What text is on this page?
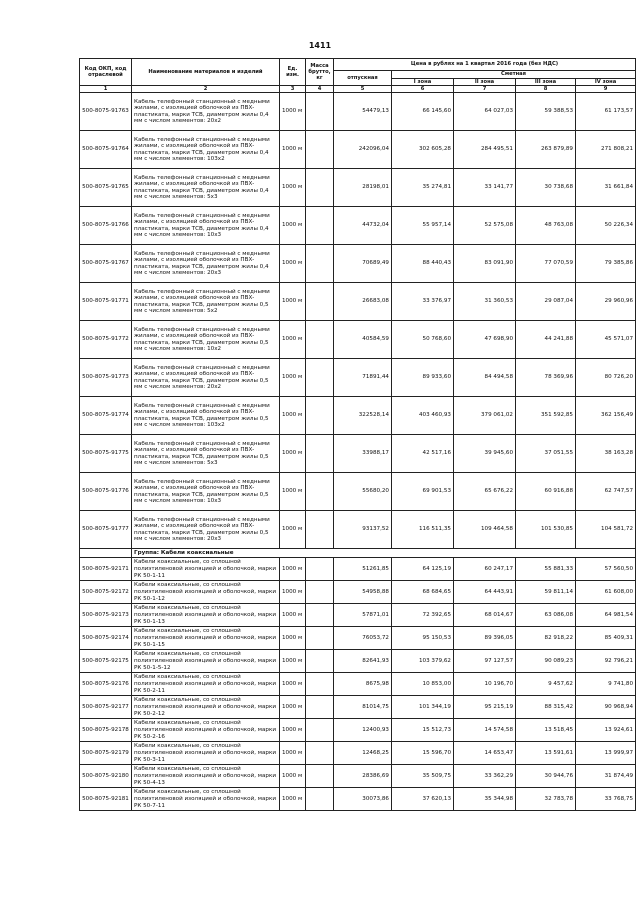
1411
Код ОКП, код отраслевой	Наименование материалов и изделий	Ед. изм.	Масса брутто, кг	Цена в рублях на 1 квартал 2016 года (без НДС)				
				отпускная	Сметная			
					I зона	II зона	III зона	IV зона
1	2	3	4	5	6	7	8	9
500-8075-91763	Кабель телефонный станционный с медными жилами, с изоляцией оболочкой из ПВХ-пластиката, марки ТСВ, диаметром жилы 0,4 мм с числом элементов: 20х2	1000 м		54479,13	66 145,60	64 027,03	59 388,53	61 173,57
500-8075-91764	Кабель телефонный станционный с медными жилами, с изоляцией оболочкой из ПВХ-пластиката, марки ТСВ, диаметром жилы 0,4 мм с числом элементов: 103х2	1000 м		242096,04	302 605,28	284 495,51	263 879,89	271 808,21
500-8075-91765	Кабель телефонный станционный с медными жилами, с изоляцией оболочкой из ПВХ-пластиката, марки ТСВ, диаметром жилы 0,4 мм с числом элементов: 5х3	1000 м		28198,01	35 274,81	33 141,77	30 738,68	31 661,84
500-8075-91766	Кабель телефонный станционный с медными жилами, с изоляцией оболочкой из ПВХ-пластиката, марки ТСВ, диаметром жилы 0,4 мм с числом элементов: 10х3	1000 м		44732,04	55 957,14	52 575,08	48 763,08	50 226,34
500-8075-91767	Кабель телефонный станционный с медными жилами, с изоляцией оболочкой из ПВХ-пластиката, марки ТСВ, диаметром жилы 0,4 мм с числом элементов: 20х3	1000 м		70689,49	88 440,43	83 091,90	77 070,59	79 385,86
500-8075-91771	Кабель телефонный станционный с медными жилами, с изоляцией оболочкой из ПВХ-пластиката, марки ТСВ, диаметром жилы 0,5 мм с числом элементов: 5х2	1000 м		26683,08	33 376,97	31 360,53	29 087,04	29 960,96
500-8075-91772	Кабель телефонный станционный с медными жилами, с изоляцией оболочкой из ПВХ-пластиката, марки ТСВ, диаметром жилы 0,5 мм с числом элементов: 10х2	1000 м		40584,59	50 768,60	47 698,90	44 241,88	45 571,07
500-8075-91773	Кабель телефонный станционный с медными жилами, с изоляцией оболочкой из ПВХ-пластиката, марки ТСВ, диаметром жилы 0,5 мм с числом элементов: 20х2	1000 м		71891,44	89 933,60	84 494,58	78 369,96	80 726,20
500-8075-91774	Кабель телефонный станционный с медными жилами, с изоляцией оболочкой из ПВХ-пластиката, марки ТСВ, диаметром жилы 0,5 мм с числом элементов: 103х2	1000 м		322528,14	403 460,93	379 061,02	351 592,85	362 156,49
500-8075-91775	Кабель телефонный станционный с медными жилами, с изоляцией оболочкой из ПВХ-пластиката, марки ТСВ, диаметром жилы 0,5 мм с числом элементов: 5х3	1000 м		33988,17	42 517,16	39 945,60	37 051,55	38 163,28
500-8075-91776	Кабель телефонный станционный с медными жилами, с изоляцией оболочкой из ПВХ-пластиката, марки ТСВ, диаметром жилы 0,5 мм с числом элементов: 10х3	1000 м		55680,20	69 901,53	65 676,22	60 916,88	62 747,57
500-8075-91777	Кабель телефонный станционный с медными жилами, с изоляцией оболочкой из ПВХ-пластиката, марки ТСВ, диаметром жилы 0,5 мм с числом элементов: 20х3	1000 м		93137,52	116 511,35	109 464,58	101 530,85	104 581,72
	Группа: Кабели коаксиальные							
500-8075-92171	Кабели коаксиальные, со сплошной полиэтиленовой изоляцией и оболочкой, марки РК 50-1-11	1000 м		51261,85	64 125,19	60 247,17	55 881,33	57 560,50
500-8075-92172	Кабели коаксиальные, со сплошной полиэтиленовой изоляцией и оболочкой, марки РК 50-1-12	1000 м		54958,88	68 684,65	64 443,91	59 811,14	61 608,00
500-8075-92173	Кабели коаксиальные, со сплошной полиэтиленовой изоляцией и оболочкой, марки РК 50-1-13	1000 м		57871,01	72 392,65	68 014,67	63 086,08	64 981,54
500-8075-92174	Кабели коаксиальные, со сплошной полиэтиленовой изоляцией и оболочкой, марки РК 50-1-15	1000 м		76053,72	95 150,53	89 396,05	82 918,22	85 409,31
500-8075-92175	Кабели коаксиальные, со сплошной полиэтиленовой изоляцией и оболочкой, марки РК 50-1-5-12	1000 м		82641,93	103 379,62	97 127,57	90 089,23	92 796,21
500-8075-92176	Кабели коаксиальные, со сплошной полиэтиленовой изоляцией и оболочкой, марки РК 50-2-11	1000 м		8675,98	10 853,00	10 196,70	9 457,62	9 741,80
500-8075-92177	Кабели коаксиальные, со сплошной полиэтиленовой изоляцией и оболочкой, марки РК 50-2-12	1000 м		81014,75	101 344,19	95 215,19	88 315,42	90 968,94
500-8075-92178	Кабели коаксиальные, со сплошной полиэтиленовой изоляцией и оболочкой, марки РК 50-2-16	1000 м		12400,93	15 512,73	14 574,58	13 518,45	13 924,61
500-8075-92179	Кабели коаксиальные, со сплошной полиэтиленовой изоляцией и оболочкой, марки РК 50-3-11	1000 м		12468,25	15 596,70	14 653,47	13 591,61	13 999,97
500-8075-92180	Кабели коаксиальные, со сплошной полиэтиленовой изоляцией и оболочкой, марки РК 50-4-13	1000 м		28386,69	35 509,75	33 362,29	30 944,76	31 874,49
500-8075-92181	Кабели коаксиальные, со сплошной полиэтиленовой изоляцией и оболочкой, марки РК 50-7-11	1000 м		30073,86	37 620,13	35 344,98	32 783,78	33 768,75
